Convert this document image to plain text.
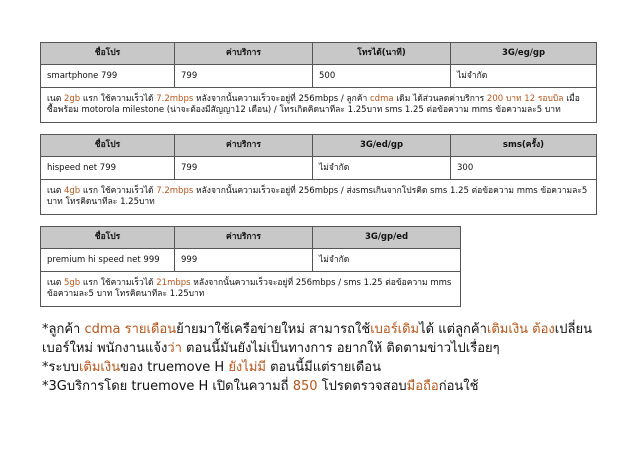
ชื่อโปร	ค่าบริการ	โทรได้(นาที)	3G/eg/gp
smartphone 799	799	500	ไม่จำกัด
เนต 2gb แรก ใช้ความเร็วได้ 7.2mbps หลังจากนั้นความเร็วจะอยู่ที่ 256mbps / ลูกค้า cdma เดิม ได้ส่วนลดค่าบริการ 200 บาท 12 รอบบิล เมื่อซื้อพร้อม motorola milestone (น่าจะต้องมีสัญญา12 เดือน) / โทรเกิดคิดนาทีละ 1.25บาท sms 1.25 ต่อข้อความ mms ข้อความละ5 บาท			
ชื่อโปร	ค่าบริการ	3G/ed/gp	sms(ครั้ง)
hispeed net 799	799	ไม่จำกัด	300
เนต 4gb แรก ใช้ความเร็วได้ 7.2mbps หลังจากนั้นความเร็วจะอยู่ที่ 256mbps / ส่งsmsเกินจากโปรคิด sms 1.25 ต่อข้อความ mms ข้อความละ5 บาท โทรคิดนาทีละ 1.25บาท			
ชื่อโปร	ค่าบริการ	3G/gp/ed
premium hi speed net 999	999	ไม่จำกัด
เนต 5gb แรก ใช้ความเร็วได้ 21mbps หลังจากนั้นความเร็วจะอยู่ที่ 256mbps / sms 1.25 ต่อข้อความ mms ข้อความละ5 บาท โทรคิดนาทีละ 1.25บาท		

*ลูกค้า cdma รายเดือนย้ายมาใช้เครือข่ายใหม่ สามารถใช้เบอร์เดิมได้ แต่ลูกค้าเติมเงิน ต้องเปลี่ยน

เบอร์ใหม่ พนักงานแจ้งว่า ตอนนี้มันยังไม่เป็นทางการ อยากให้ ติดตามข่าวไปเรื่อยๆ

*ระบบเติมเงินของ truemove H ยังไม่มี ตอนนี้มีแต่รายเดือน

*3Gบริการโดย truemove H เปิดในความถี่ 850 โปรดตรวจสอบมือถือก่อนใช้
